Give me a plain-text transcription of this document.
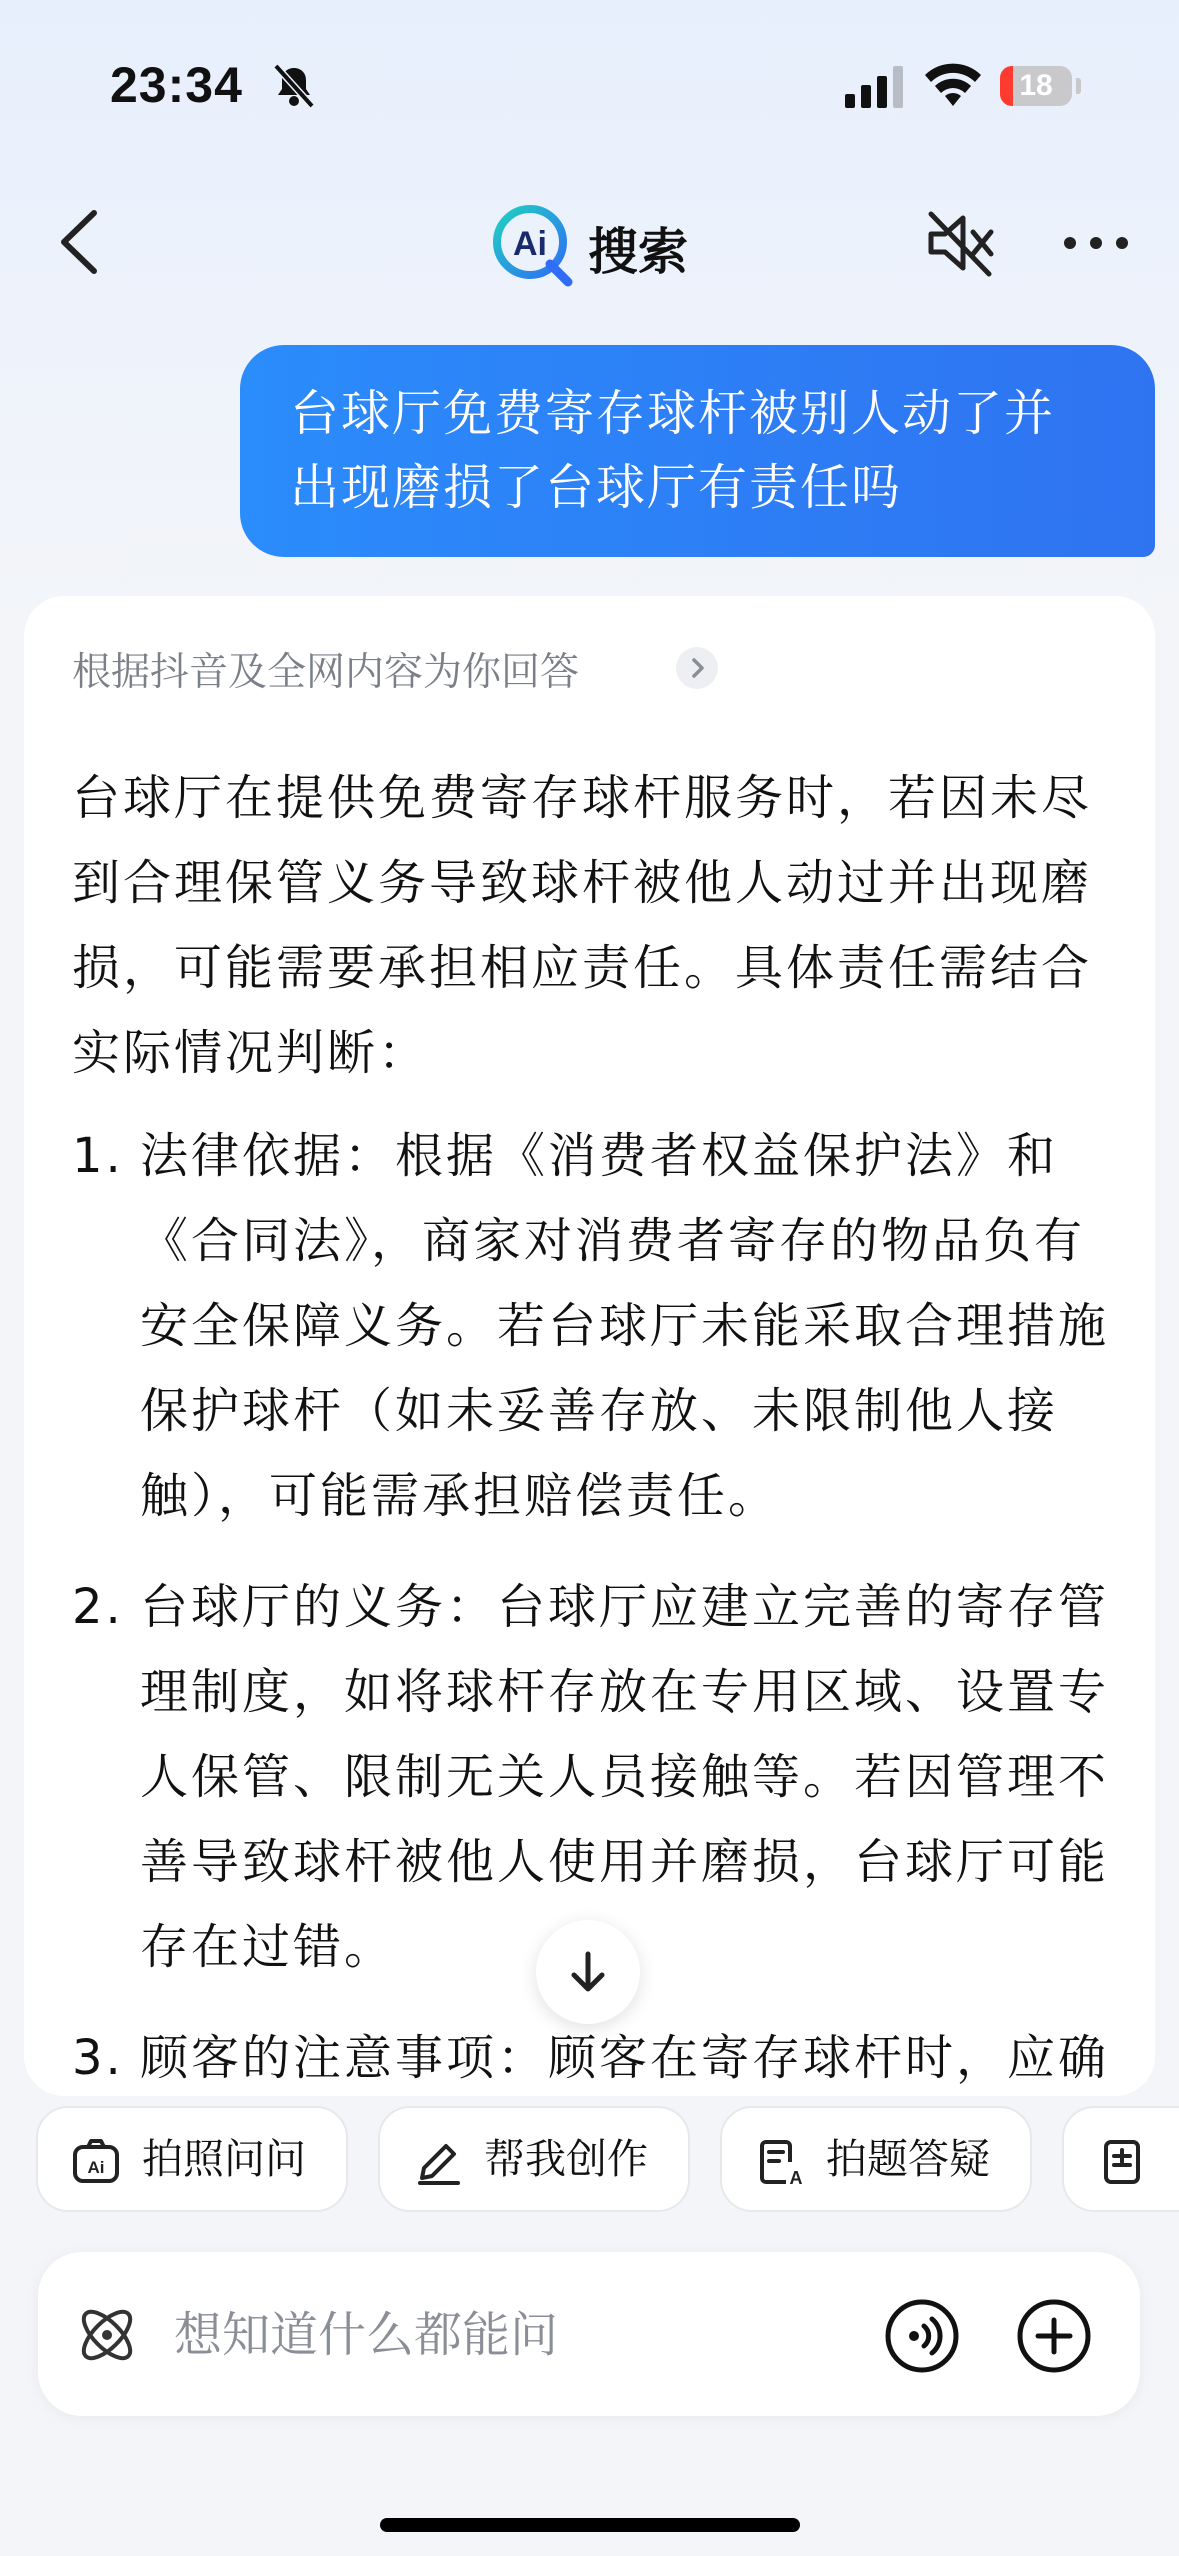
23:34	18
Ai 搜索
台球厅免费寄存球杆被别人动了并出现磨损了台球厅有责任吗
根据抖音及全网内容为你回答

台球厅在提供免费寄存球杆服务时，若因未尽到合理保管义务导致球杆被他人动过并出现磨损，可能需要承担相应责任。具体责任需结合实际情况判断：

1. 法律依据：根据《消费者权益保护法》和《合同法》，商家对消费者寄存的物品负有安全保障义务。若台球厅未能采取合理措施保护球杆（如未妥善存放、未限制他人接触），可能需承担赔偿责任。
2. 台球厅的义务：台球厅应建立完善的寄存管理制度，如将球杆存放在专用区域、设置专人保管、限制无关人员接触等。若因管理不善导致球杆被他人使用并磨损，台球厅可能存在过错。
3. 顾客的注意事项：顾客在寄存球杆时，应确
Ai 拍照问问	帮我创作	A 拍题答疑
想知道什么都能问
